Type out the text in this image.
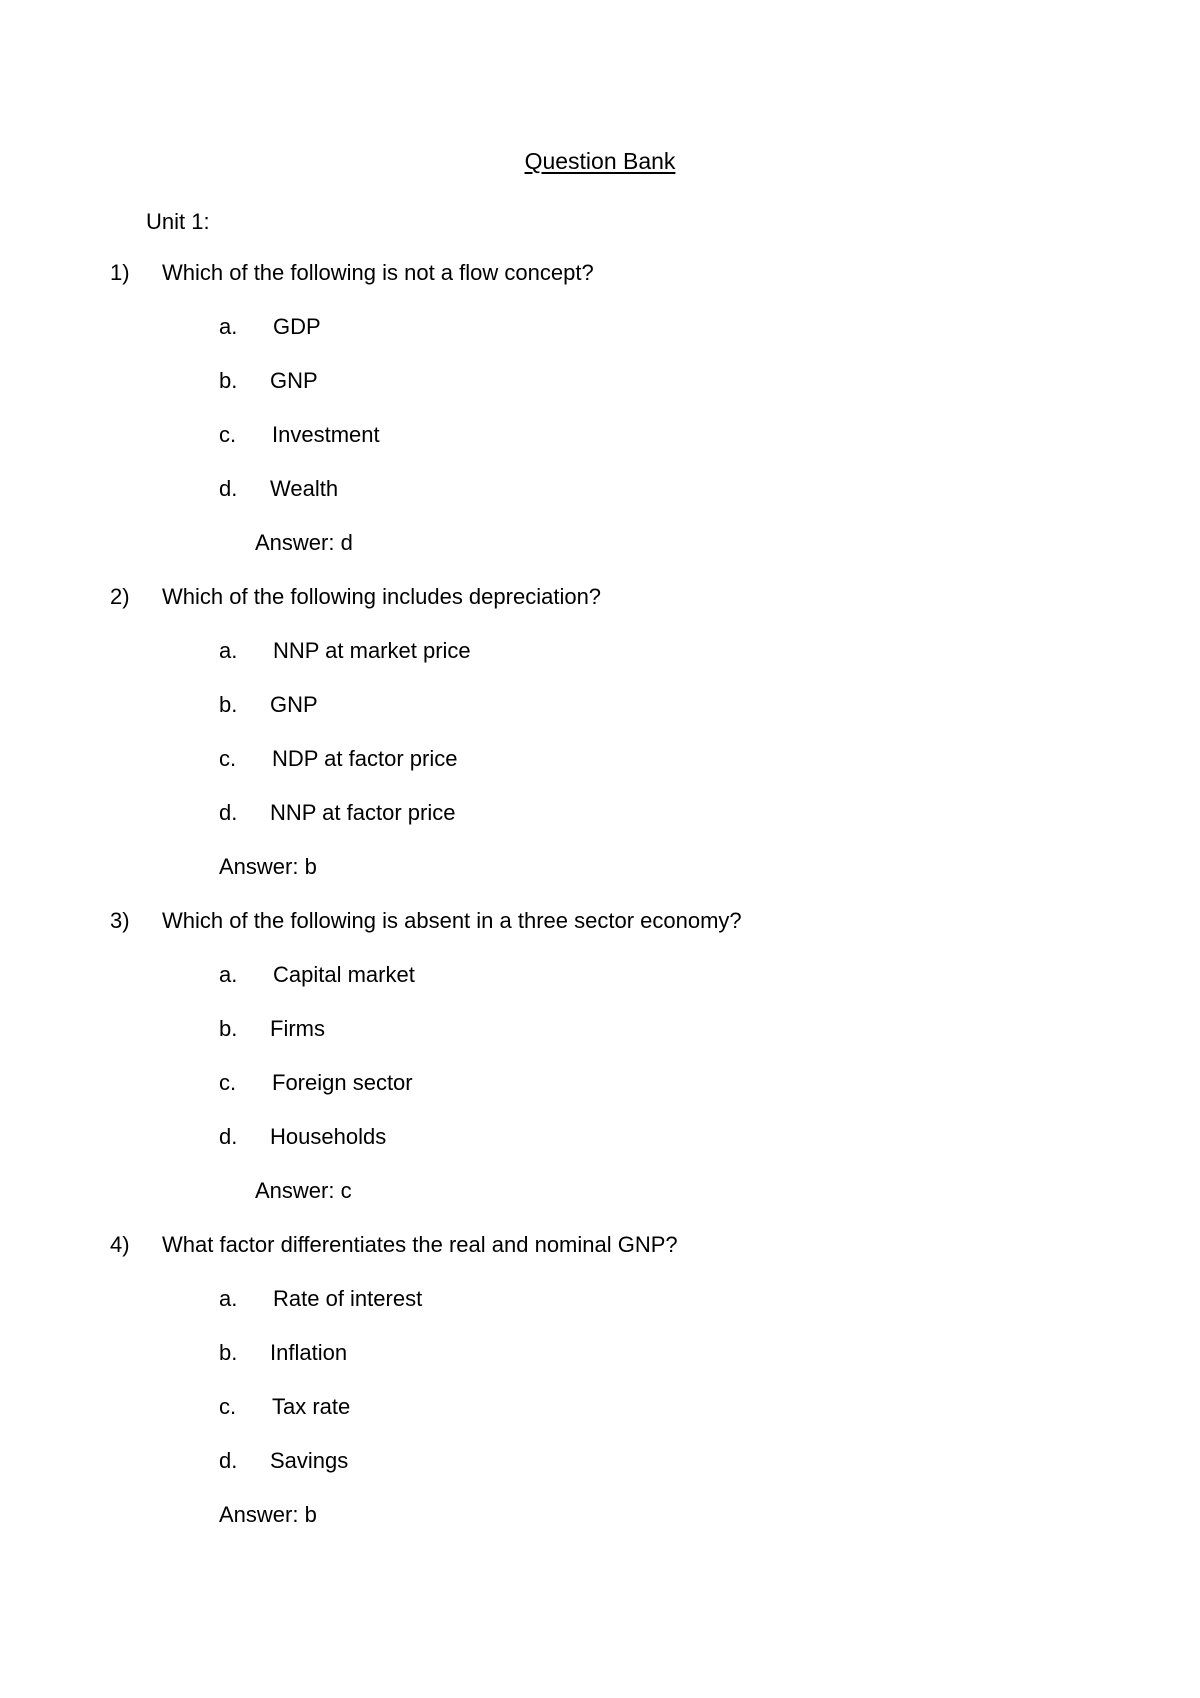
Question Bank
Unit 1:
1) Which of the following is not a flow concept?
a. GDP
b. GNP
c. Investment
d. Wealth
Answer: d
2) Which of the following includes depreciation?
a. NNP at market price
b. GNP
c. NDP at factor price
d. NNP at factor price
Answer: b
3) Which of the following is absent in a three sector economy?
a. Capital market
b. Firms
c. Foreign sector
d. Households
Answer: c
4) What factor differentiates the real and nominal GNP?
a. Rate of interest
b. Inflation
c. Tax rate
d. Savings
Answer: b
